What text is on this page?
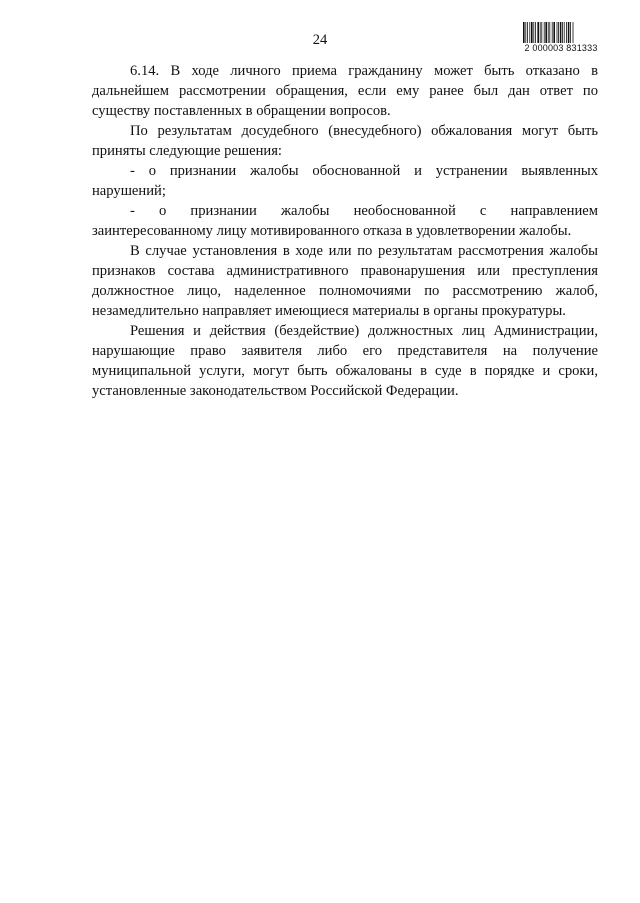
24	2 000003 831333

6.14. В ходе личного приема гражданину может быть отказано в дальнейшем рассмотрении обращения, если ему ранее был дан ответ по существу поставленных в обращении вопросов.

По результатам досудебного (внесудебного) обжалования могут быть приняты следующие решения:

- о признании жалобы обоснованной и устранении выявленных нарушений;

- о признании жалобы необоснованной с направлением заинтересованному лицу мотивированного отказа в удовлетворении жалобы.

В случае установления в ходе или по результатам рассмотрения жалобы признаков состава административного правонарушения или преступления должностное лицо, наделенное полномочиями по рассмотрению жалоб, незамедлительно направляет имеющиеся материалы в органы прокуратуры.

Решения и действия (бездействие) должностных лиц Администрации, нарушающие право заявителя либо его представителя на получение муниципальной услуги, могут быть обжалованы в суде в порядке и сроки, установленные законодательством Российской Федерации.
